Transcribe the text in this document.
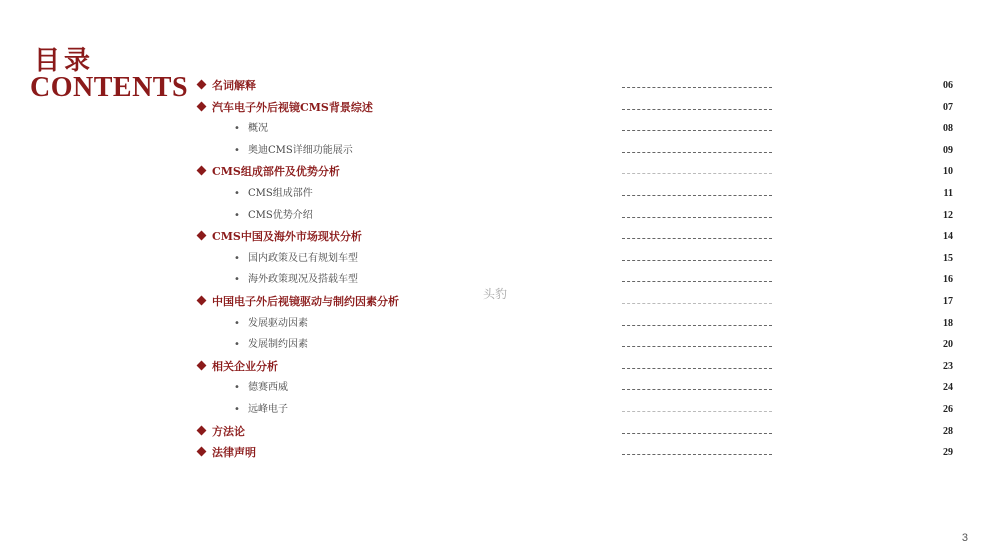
目录
CONTENTS 名词解释	06
汽车电子外后视镜CMS背景综述	07
• 概况	08
• 奥迪CMS详细功能展示	09
CMS组成部件及优势分析	10
• CMS组成部件	11
• CMS优势介绍	12
CMS中国及海外市场现状分析	14
• 国内政策及已有规划车型	15
• 海外政策现况及搭载车型	16
中国电子外后视镜驱动与制约因素分析	17
• 发展驱动因素	18
• 发展制约因素	20
相关企业分析	23
• 德赛西威	24
• 远峰电子	26
方法论	28
法律声明	29
头豹
3
